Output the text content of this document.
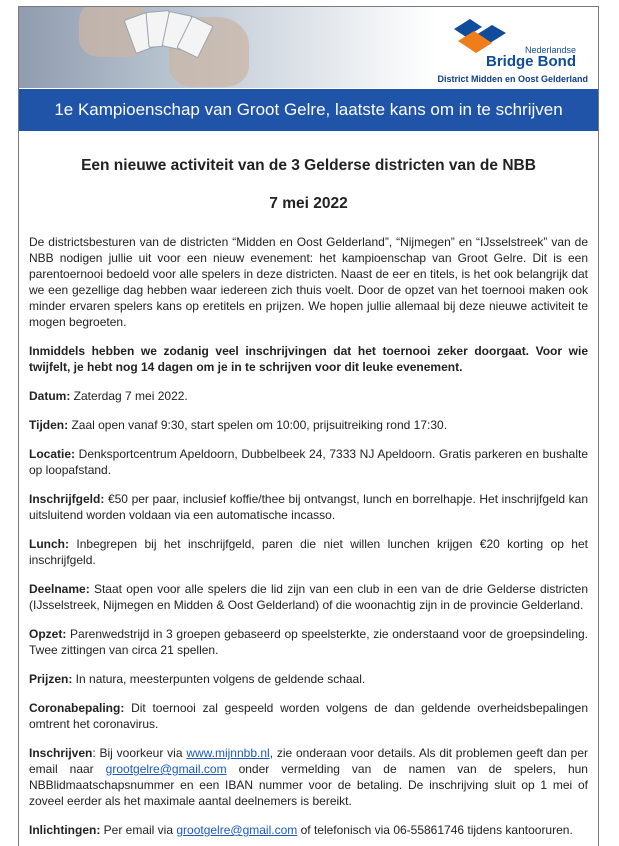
Nederlandse
Bridge Bond
District Midden en Oost Gelderland
1e Kampioenschap van Groot Gelre, laatste kans om in te schrijven
Een nieuwe activiteit van de 3 Gelderse districten van de NBB
7 mei 2022

De districtsbesturen van de districten “Midden en Oost Gelderland”, “Nijmegen” en “IJsselstreek” van de NBB nodigen jullie uit voor een nieuw evenement: het kampioenschap van Groot Gelre. Dit is een parentoernooi bedoeld voor alle spelers in deze districten. Naast de eer en titels, is het ook belangrijk dat we een gezellige dag hebben waar iedereen zich thuis voelt. Door de opzet van het toernooi maken ook minder ervaren spelers kans op eretitels en prijzen. We hopen jullie allemaal bij deze nieuwe activiteit te mogen begroeten.

Inmiddels hebben we zodanig veel inschrijvingen dat het toernooi zeker doorgaat. Voor wie twijfelt, je hebt nog 14 dagen om je in te schrijven voor dit leuke evenement.

Datum: Zaterdag 7 mei 2022.

Tijden: Zaal open vanaf 9:30, start spelen om 10:00, prijsuitreiking rond 17:30.

Locatie: Denksportcentrum Apeldoorn, Dubbelbeek 24, 7333 NJ Apeldoorn. Gratis parkeren en bushalte op loopafstand.

Inschrijfgeld: €50 per paar, inclusief koffie/thee bij ontvangst, lunch en borrelhapje. Het inschrijfgeld kan uitsluitend worden voldaan via een automatische incasso.

Lunch: Inbegrepen bij het inschrijfgeld, paren die niet willen lunchen krijgen €20 korting op het inschrijfgeld.

Deelname: Staat open voor alle spelers die lid zijn van een club in een van de drie Gelderse districten (IJsselstreek, Nijmegen en Midden & Oost Gelderland) of die woonachtig zijn in de provincie Gelderland.

Opzet: Parenwedstrijd in 3 groepen gebaseerd op speelsterkte, zie onderstaand voor de groepsindeling. Twee zittingen van circa 21 spellen.

Prijzen: In natura, meesterpunten volgens de geldende schaal.

Coronabepaling: Dit toernooi zal gespeeld worden volgens de dan geldende overheidsbepalingen omtrent het coronavirus.

Inschrijven: Bij voorkeur via www.mijnnbb.nl, zie onderaan voor details. Als dit problemen geeft dan per email naar grootgelre@gmail.com onder vermelding van de namen van de spelers, hun NBBlidmaatschapsnummer en een IBAN nummer voor de betaling. De inschrijving sluit op 1 mei of zoveel eerder als het maximale aantal deelnemers is bereikt.

Inlichtingen: Per email via grootgelre@gmail.com of telefonisch via 06-55861746 tijdens kantooruren.
